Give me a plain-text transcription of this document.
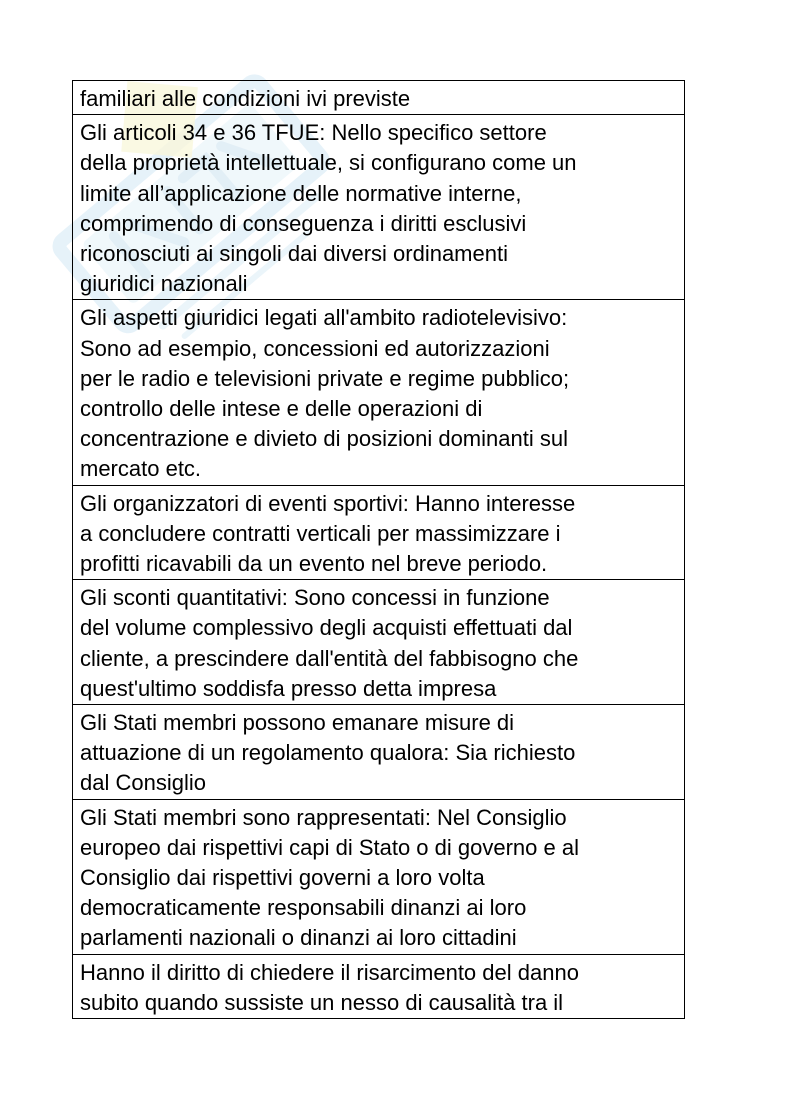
familiari alle condizioni ivi previste
Gli articoli 34 e 36 TFUE: Nello specifico settore
della proprietà intellettuale, si configurano come un
limite all’applicazione delle normative interne,
comprimendo di conseguenza i diritti esclusivi
riconosciuti ai singoli dai diversi ordinamenti
giuridici nazionali
Gli aspetti giuridici legati all'ambito radiotelevisivo:
Sono ad esempio, concessioni ed autorizzazioni
per le radio e televisioni private e regime pubblico;
controllo delle intese e delle operazioni di
concentrazione e divieto di posizioni dominanti sul
mercato etc.
Gli organizzatori di eventi sportivi: Hanno interesse
a concludere contratti verticali per massimizzare i
profitti ricavabili da un evento nel breve periodo.
Gli sconti quantitativi: Sono concessi in funzione
del volume complessivo degli acquisti effettuati dal
cliente, a prescindere dall'entità del fabbisogno che
quest'ultimo soddisfa presso detta impresa
Gli Stati membri possono emanare misure di
attuazione di un regolamento qualora: Sia richiesto
dal Consiglio
Gli Stati membri sono rappresentati: Nel Consiglio
europeo dai rispettivi capi di Stato o di governo e al
Consiglio dai rispettivi governi a loro volta
democraticamente responsabili dinanzi ai loro
parlamenti nazionali o dinanzi ai loro cittadini
Hanno il diritto di chiedere il risarcimento del danno
subito quando sussiste un nesso di causalità tra il
